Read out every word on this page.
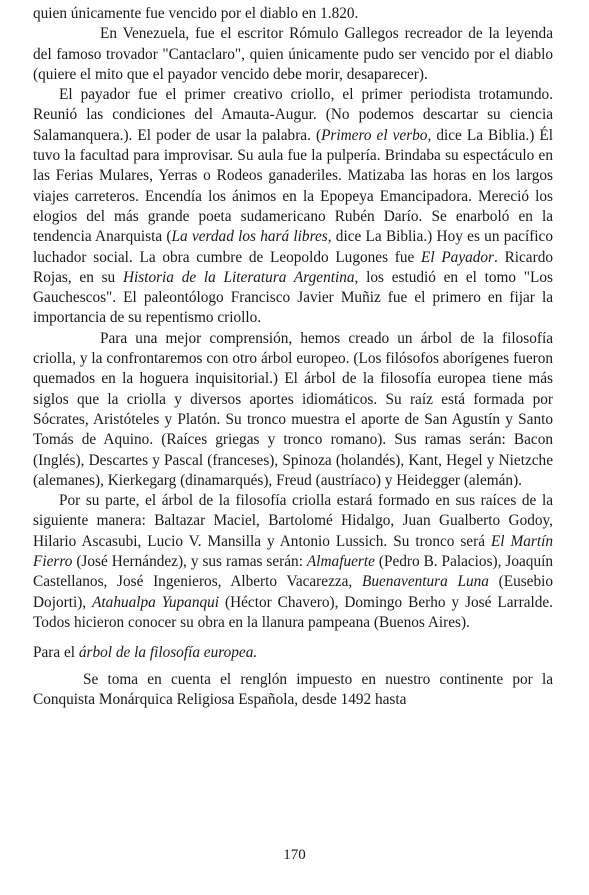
quien únicamente fue vencido por el diablo en 1.820.

En Venezuela, fue el escritor Rómulo Gallegos recreador de la leyenda del famoso trovador "Cantaclaro", quien únicamente pudo ser vencido por el diablo (quiere el mito que el payador vencido debe morir, desaparecer).

El payador fue el primer creativo criollo, el primer periodista trotamundo. Reunió las condiciones del Amauta-Augur. (No podemos descartar su ciencia Salamanquera.). El poder de usar la palabra. (Primero el verbo, dice La Biblia.) Él tuvo la facultad para improvisar. Su aula fue la pulpería. Brindaba su espectáculo en las Ferias Mulares, Yerras o Rodeos ganaderiles. Matizaba las horas en los largos viajes carreteros. Encendía los ánimos en la Epopeya Emancipadora. Mereció los elogios del más grande poeta sudamericano Rubén Darío. Se enarboló en la tendencia Anarquista (La verdad los hará libres, dice La Biblia.) Hoy es un pacífico luchador social. La obra cumbre de Leopoldo Lugones fue El Payador. Ricardo Rojas, en su Historia de la Literatura Argentina, los estudió en el tomo "Los Gauchescos". El paleontólogo Francisco Javier Muñiz fue el primero en fijar la importancia de su repentismo criollo.

Para una mejor comprensión, hemos creado un árbol de la filosofía criolla, y la confrontaremos con otro árbol europeo. (Los filósofos aborígenes fueron quemados en la hoguera inquisitorial.) El árbol de la filosofía europea tiene más siglos que la criolla y diversos aportes idiomáticos. Su raíz está formada por Sócrates, Aristóteles y Platón. Su tronco muestra el aporte de San Agustín y Santo Tomás de Aquino. (Raíces griegas y tronco romano). Sus ramas serán: Bacon (Inglés), Descartes y Pascal (franceses), Spinoza (holandés), Kant, Hegel y Nietzche (alemanes), Kierkegarg (dinamarqués), Freud (austríaco) y Heidegger (alemán).

Por su parte, el árbol de la filosofía criolla estará formado en sus raíces de la siguiente manera: Baltazar Maciel, Bartolomé Hidalgo, Juan Gualberto Godoy, Hilario Ascasubi, Lucio V. Mansilla y Antonio Lussich. Su tronco será El Martín Fierro (José Hernández), y sus ramas serán: Almafuerte (Pedro B. Palacios), Joaquín Castellanos, José Ingenieros, Alberto Vacarezza, Buenaventura Luna (Eusebio Dojorti), Atahualpa Yupanqui (Héctor Chavero), Domingo Berho y José Larralde. Todos hicieron conocer su obra en la llanura pampeana (Buenos Aires).

Para el árbol de la filosofía europea.

Se toma en cuenta el renglón impuesto en nuestro continente por la Conquista Monárquica Religiosa Española, desde 1492 hasta

170
